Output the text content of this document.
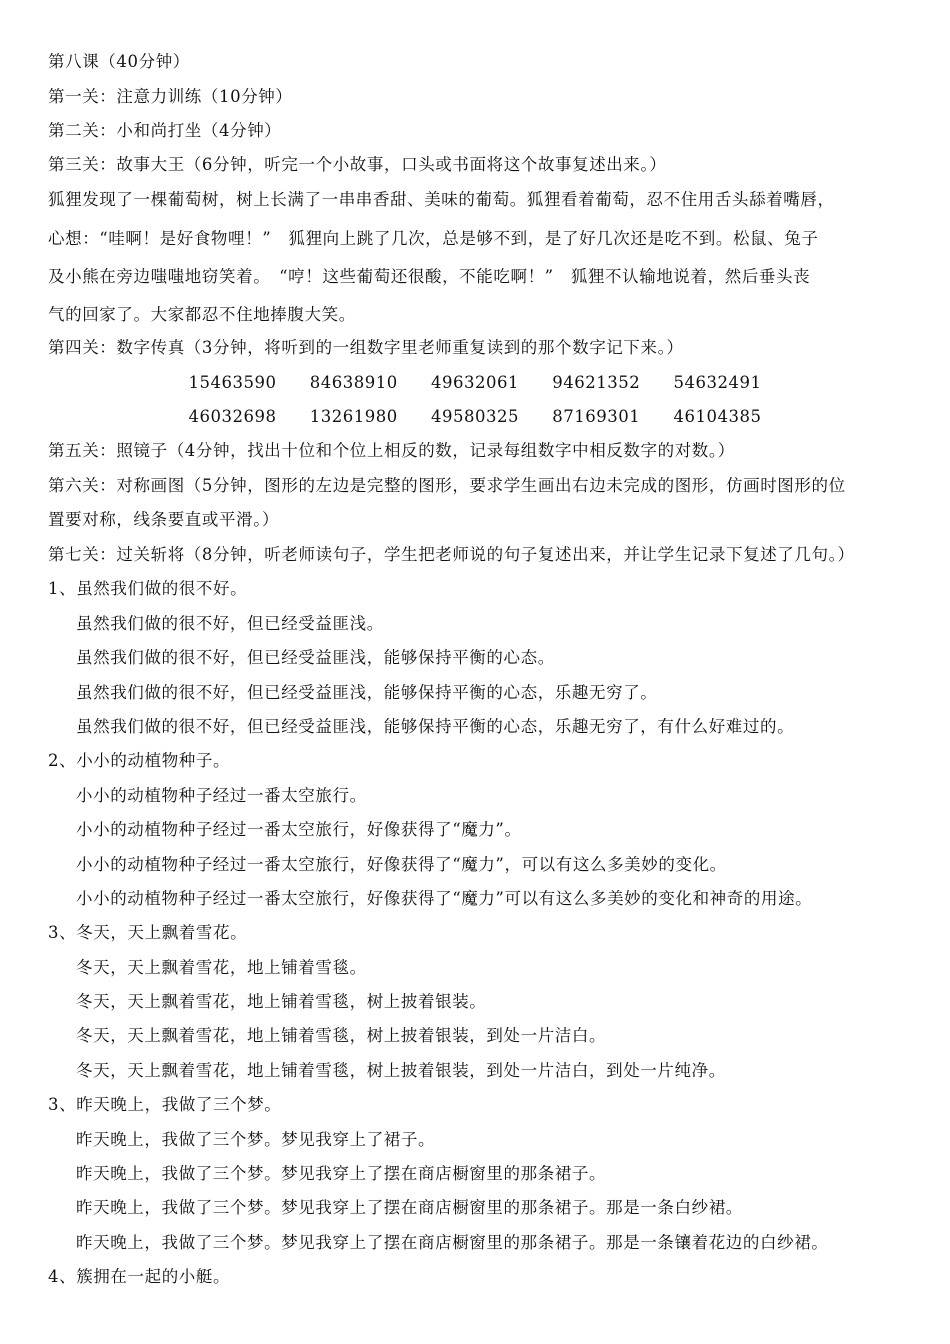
第八课（40分钟）
第一关：注意力训练（10分钟）
第二关：小和尚打坐（4分钟）
第三关：故事大王（6分钟，听完一个小故事，口头或书面将这个故事复述出来。）
狐狸发现了一棵葡萄树，树上长满了一串串香甜、美味的葡萄。狐狸看着葡萄，忍不住用舌头舔着嘴唇，
心想：“哇啊！是好食物哩！”　狐狸向上跳了几次，总是够不到，是了好几次还是吃不到。松鼠、兔子
及小熊在旁边嗤嗤地窃笑着。　“哼！这些葡萄还很酸，不能吃啊！”　狐狸不认输地说着，然后垂头丧
气的回家了。大家都忍不住地捧腹大笑。
第四关：数字传真（3分钟，将听到的一组数字里老师重复读到的那个数字记下来。）
15463590 84638910 49632061 94621352 54632491
46032698 13261980 49580325 87169301 46104385
第五关：照镜子（4分钟，找出十位和个位上相反的数，记录每组数字中相反数字的对数。）
第六关：对称画图（5分钟，图形的左边是完整的图形，要求学生画出右边未完成的图形，仿画时图形的位
置要对称，线条要直或平滑。）
第七关：过关斩将（8分钟，听老师读句子，学生把老师说的句子复述出来，并让学生记录下复述了几句。）
1、虽然我们做的很不好。
虽然我们做的很不好，但已经受益匪浅。
虽然我们做的很不好，但已经受益匪浅，能够保持平衡的心态。
虽然我们做的很不好，但已经受益匪浅，能够保持平衡的心态，乐趣无穷了。
虽然我们做的很不好，但已经受益匪浅，能够保持平衡的心态，乐趣无穷了，有什么好难过的。
2、小小的动植物种子。
小小的动植物种子经过一番太空旅行。
小小的动植物种子经过一番太空旅行，好像获得了“魔力”。
小小的动植物种子经过一番太空旅行，好像获得了“魔力”，可以有这么多美妙的变化。
小小的动植物种子经过一番太空旅行，好像获得了“魔力”可以有这么多美妙的变化和神奇的用途。
3、冬天，天上飘着雪花。
冬天，天上飘着雪花，地上铺着雪毯。
冬天，天上飘着雪花，地上铺着雪毯，树上披着银装。
冬天，天上飘着雪花，地上铺着雪毯，树上披着银装，到处一片洁白。
冬天，天上飘着雪花，地上铺着雪毯，树上披着银装，到处一片洁白，到处一片纯净。
3、昨天晚上，我做了三个梦。
昨天晚上，我做了三个梦。梦见我穿上了裙子。
昨天晚上，我做了三个梦。梦见我穿上了摆在商店橱窗里的那条裙子。
昨天晚上，我做了三个梦。梦见我穿上了摆在商店橱窗里的那条裙子。那是一条白纱裙。
昨天晚上，我做了三个梦。梦见我穿上了摆在商店橱窗里的那条裙子。那是一条镶着花边的白纱裙。
4、簇拥在一起的小艇。
